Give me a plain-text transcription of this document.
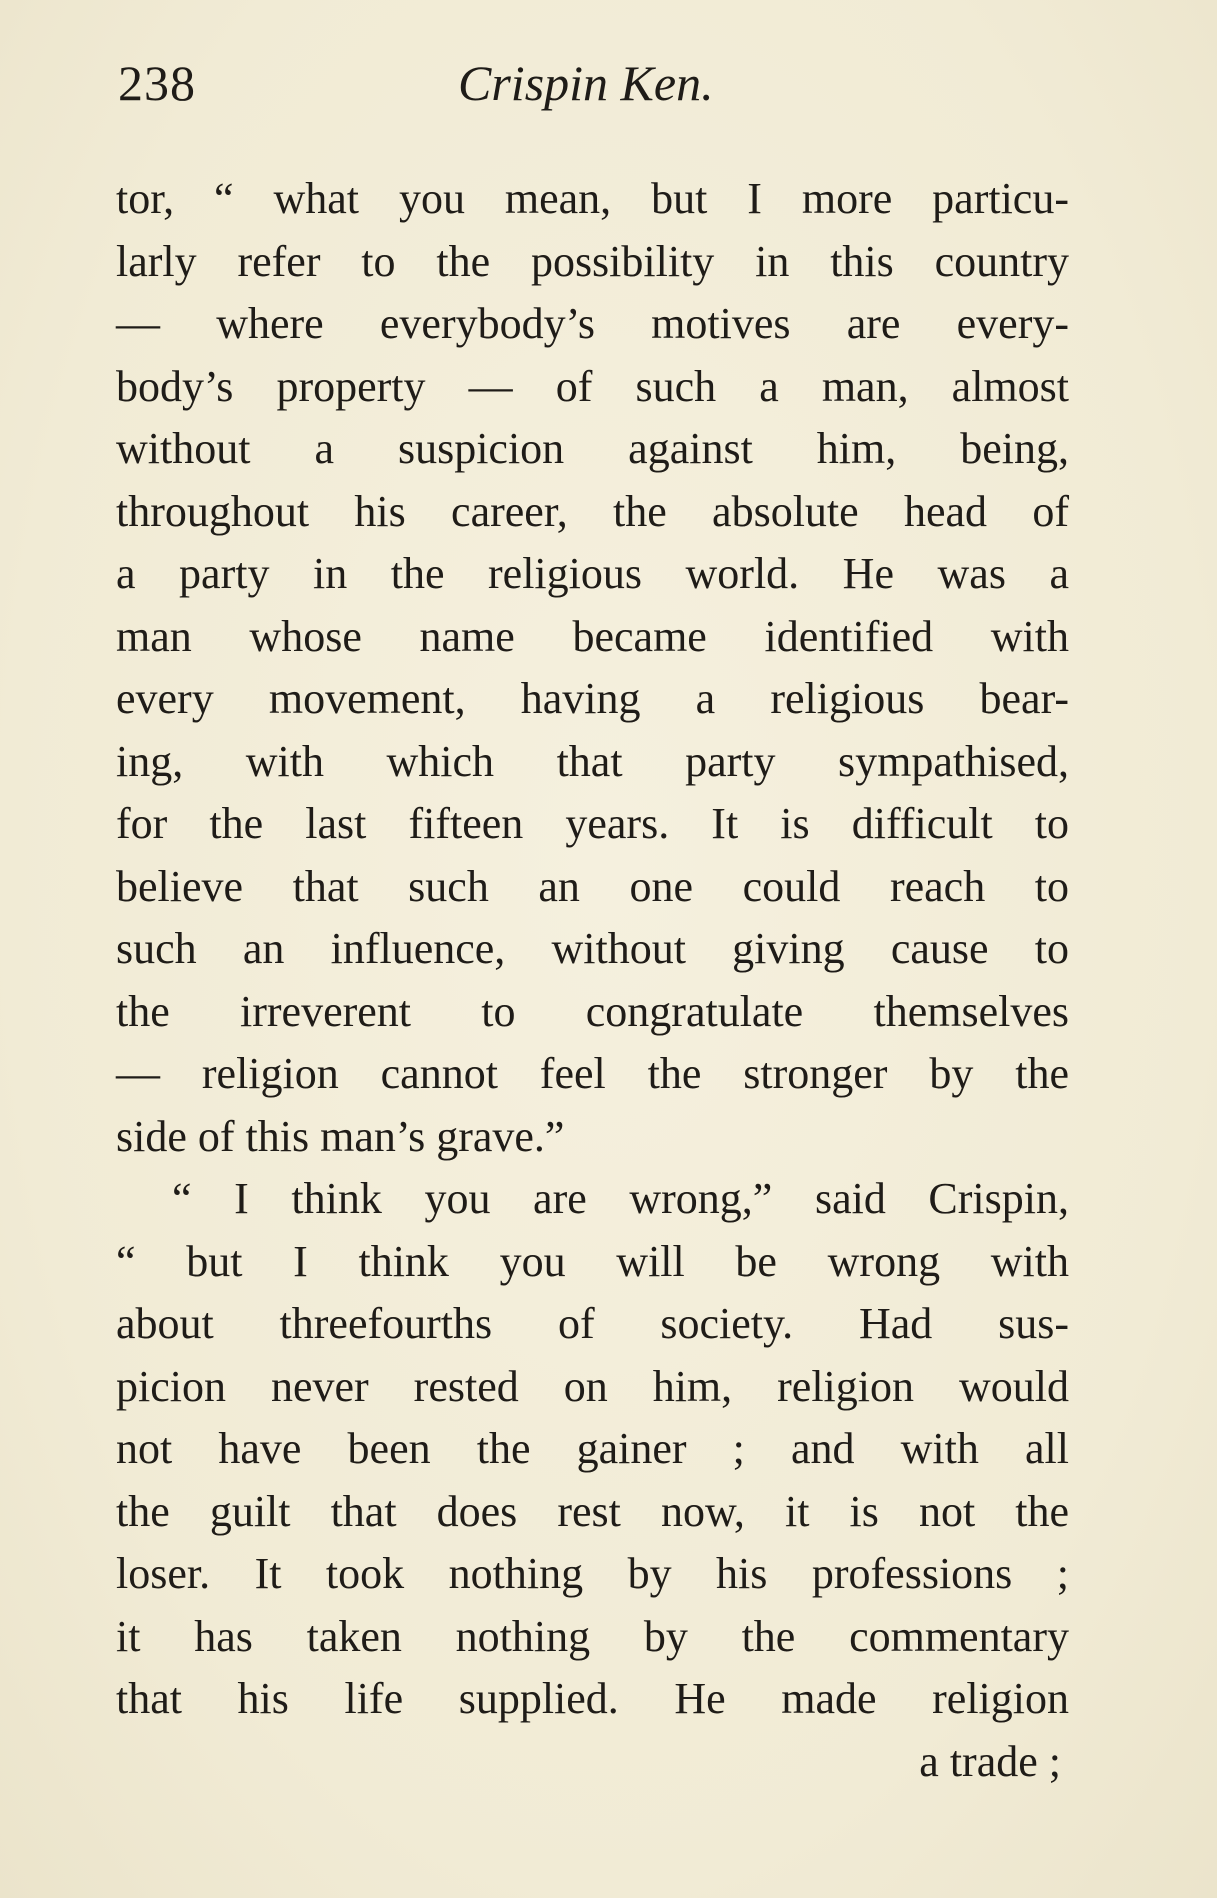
238	Crispin Ken.
tor, “ what you mean, but I more particu-
larly refer to the possibility in this country
— where everybody’s motives are every-
body’s property — of such a man, almost
without a suspicion against him, being,
throughout his career, the absolute head of
a party in the religious world. He was a
man whose name became identified with
every movement, having a religious bear-
ing, with which that party sympathised,
for the last fifteen years. It is difficult to
believe that such an one could reach to
such an influence, without giving cause to
the irreverent to congratulate themselves
— religion cannot feel the stronger by the
side of this man’s grave.”
“ I think you are wrong,” said Crispin,
“ but I think you will be wrong with
about threefourths of society. Had sus-
picion never rested on him, religion would
not have been the gainer ; and with all
the guilt that does rest now, it is not the
loser. It took nothing by his professions ;
it has taken nothing by the commentary
that his life supplied. He made religion
a trade ;
